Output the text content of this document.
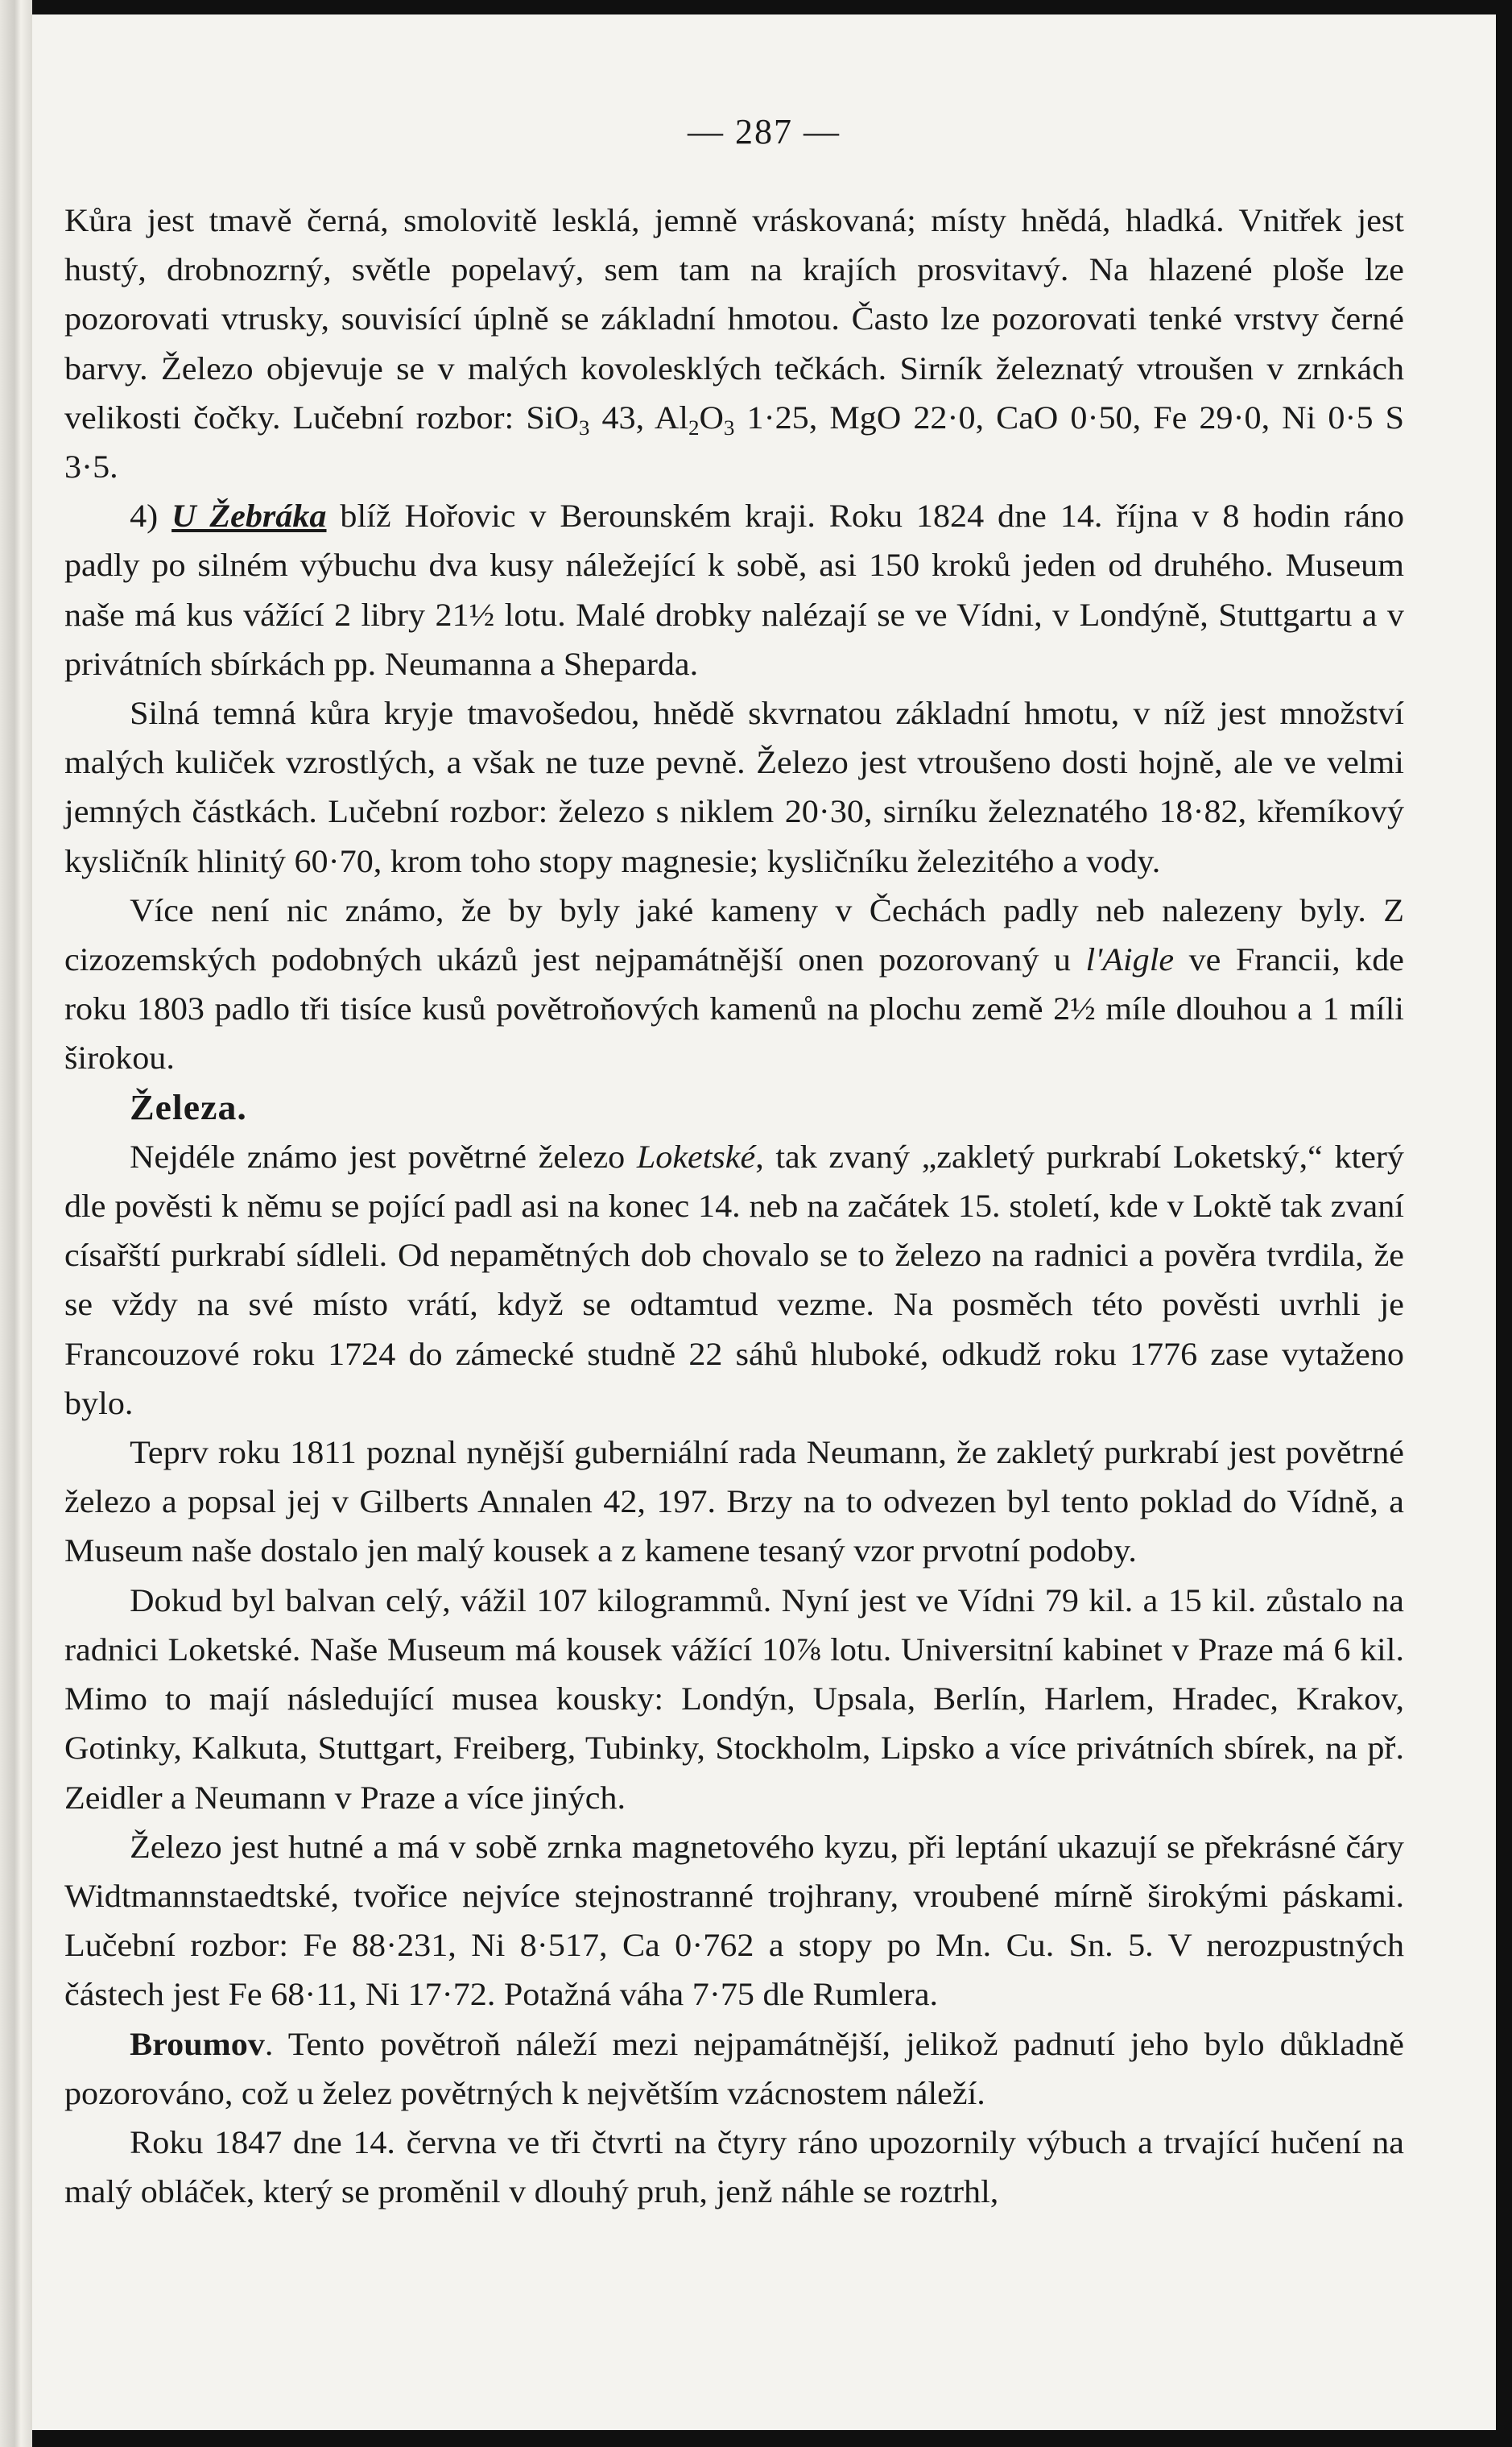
— 287 —

Kůra jest tmavě černá, smolovitě lesklá, jemně vráskovaná; místy hnědá, hladká. Vnitřek jest hustý, drobnozrný, světle popelavý, sem tam na krajích prosvitavý. Na hlazené ploše lze pozorovati vtrusky, souvisící úplně se základní hmotou. Často lze pozorovati tenké vrstvy černé barvy. Železo objevuje se v malých kovolesklých tečkách. Sirník železnatý vtroušen v zrnkách velikosti čočky. Lučební rozbor: SiO$_3$ 43, $Al_2O_3$ 1·25, MgO 22·0, CaO 0·50, Fe 29·0, Ni 0·5 S 3·5.

4) U Žebráka blíž Hořovic v Berounském kraji. Roku 1824 dne 14. října v 8 hodin ráno padly po silném výbuchu dva kusy náležející k sobě, asi 150 kroků jeden od druhého. Museum naše má kus vážící 2 libry 21½ lotu. Malé drobky nalézají se ve Vídni, v Londýně, Stuttgartu a v privátních sbírkách pp. Neumanna a Sheparda.

Silná temná kůra kryje tmavošedou, hnědě skvrnatou základní hmotu, v níž jest množství malých kuliček vzrostlých, a však ne tuze pevně. Železo jest vtroušeno dosti hojně, ale ve velmi jemných částkách. Lučební rozbor: železo s niklem 20·30, sirníku železnatého 18·82, křemíkový kysličník hlinitý 60·70, krom toho stopy magnesie; kysličníku železitého a vody.

Více není nic známo, že by byly jaké kameny v Čechách padly neb nalezeny byly. Z cizozemských podobných ukázů jest nejpamátnější onen pozorovaný u l'Aigle ve Francii, kde roku 1803 padlo tři tisíce kusů povětroňových kamenů na plochu země 2½ míle dlouhou a 1 míli širokou.

Železa.

Nejdéle známo jest povětrné železo Loketské, tak zvaný „zakletý purkrabí Loketský,“ který dle pověsti k němu se pojící padl asi na konec 14. neb na začátek 15. století, kde v Loktě tak zvaní císařští purkrabí sídleli. Od nepamětných dob chovalo se to železo na radnici a pověra tvrdila, že se vždy na své místo vrátí, když se odtamtud vezme. Na posměch této pověsti uvrhli je Francouzové roku 1724 do zámecké studně 22 sáhů hluboké, odkudž roku 1776 zase vytaženo bylo.

Teprv roku 1811 poznal nynější guberniální rada Neumann, že zakletý purkrabí jest povětrné železo a popsal jej v Gilberts Annalen 42, 197. Brzy na to odvezen byl tento poklad do Vídně, a Museum naše dostalo jen malý kousek a z kamene tesaný vzor prvotní podoby.

Dokud byl balvan celý, vážil 107 kilogrammů. Nyní jest ve Vídni 79 kil. a 15 kil. zůstalo na radnici Loketské. Naše Museum má kousek vážící 10⅞ lotu. Universitní kabinet v Praze má 6 kil. Mimo to mají následující musea kousky: Londýn, Upsala, Berlín, Harlem, Hradec, Krakov, Gotinky, Kalkuta, Stuttgart, Freiberg, Tubinky, Stockholm, Lipsko a více privátních sbírek, na př. Zeidler a Neumann v Praze a více jiných.

Železo jest hutné a má v sobě zrnka magnetového kyzu, při leptání ukazují se překrásné čáry Widtmannstaedtské, tvořice nejvíce stejnostranné trojhrany, vroubené mírně širokými páskami. Lučební rozbor: Fe 88·231, Ni 8·517, Ca 0·762 a stopy po Mn. Cu. Sn. 5. V nerozpustných částech jest Fe 68·11, Ni 17·72. Potažná váha 7·75 dle Rumlera.

Broumov. Tento povětroň náleží mezi nejpamátnější, jelikož padnutí jeho bylo důkladně pozorováno, což u želez povětrných k největším vzácnostem náleží.

Roku 1847 dne 14. června ve tři čtvrti na čtyry ráno upozornily výbuch a trvající hučení na malý obláček, který se proměnil v dlouhý pruh, jenž náhle se roztrhl,
